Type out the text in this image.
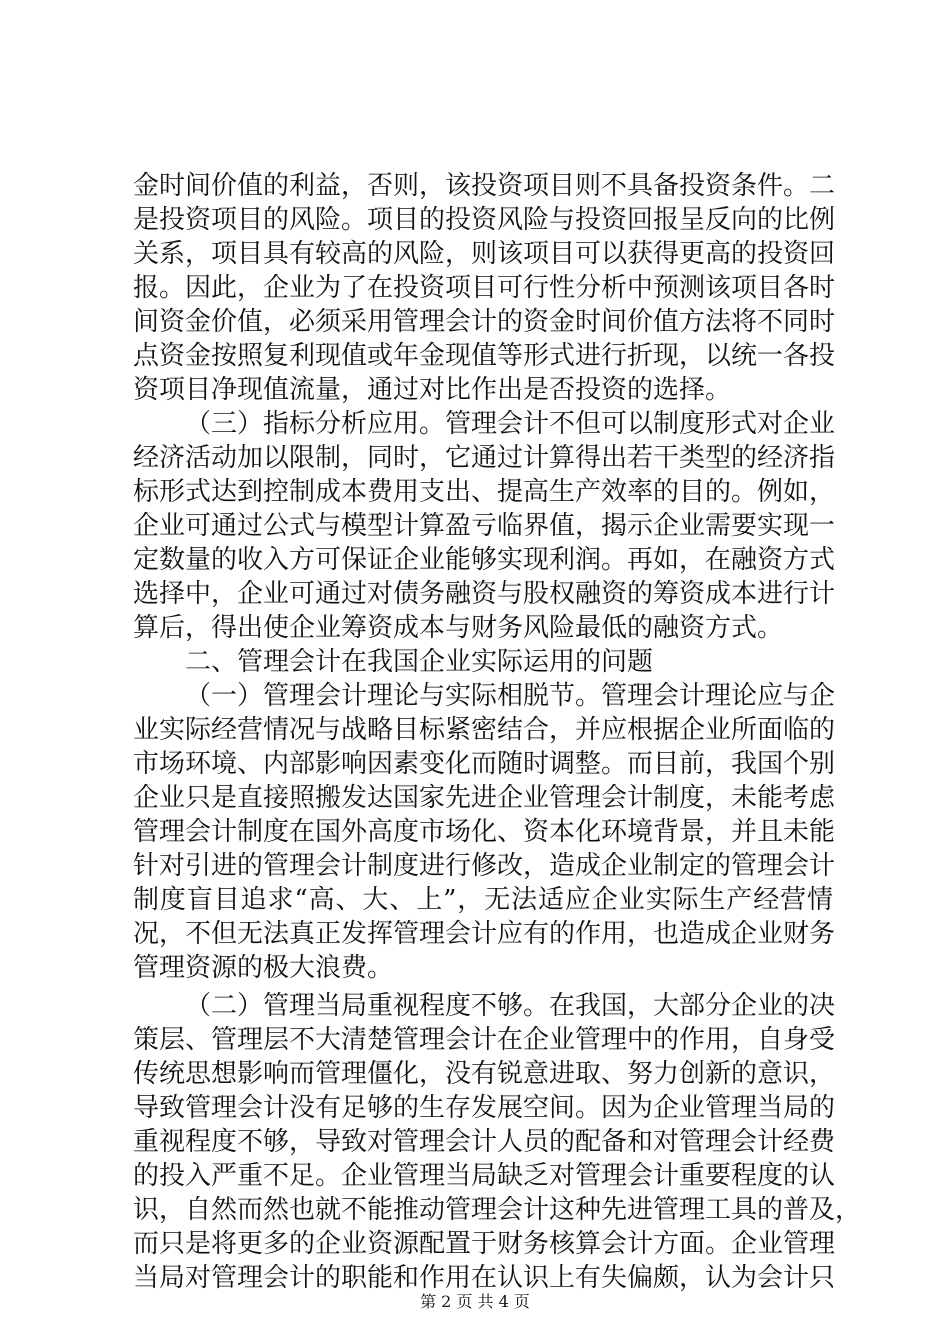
金时间价值的利益，否则，该投资项目则不具备投资条件。二
是投资项目的风险。项目的投资风险与投资回报呈反向的比例
关系，项目具有较高的风险，则该项目可以获得更高的投资回
报。因此，企业为了在投资项目可行性分析中预测该项目各时
间资金价值，必须采用管理会计的资金时间价值方法将不同时
点资金按照复利现值或年金现值等形式进行折现，以统一各投
资项目净现值流量，通过对比作出是否投资的选择。
（三）指标分析应用。管理会计不但可以制度形式对企业
经济活动加以限制，同时，它通过计算得出若干类型的经济指
标形式达到控制成本费用支出、提高生产效率的目的。例如，
企业可通过公式与模型计算盈亏临界值，揭示企业需要实现一
定数量的收入方可保证企业能够实现利润。再如，在融资方式
选择中，企业可通过对债务融资与股权融资的筹资成本进行计
算后，得出使企业筹资成本与财务风险最低的融资方式。
二、管理会计在我国企业实际运用的问题
（一）管理会计理论与实际相脱节。管理会计理论应与企
业实际经营情况与战略目标紧密结合，并应根据企业所面临的
市场环境、内部影响因素变化而随时调整。而目前，我国个别
企业只是直接照搬发达国家先进企业管理会计制度，未能考虑
管理会计制度在国外高度市场化、资本化环境背景，并且未能
针对引进的管理会计制度进行修改，造成企业制定的管理会计
制度盲目追求“高、大、上”，无法适应企业实际生产经营情
况，不但无法真正发挥管理会计应有的作用，也造成企业财务
管理资源的极大浪费。
（二）管理当局重视程度不够。在我国，大部分企业的决
策层、管理层不大清楚管理会计在企业管理中的作用，自身受
传统思想影响而管理僵化，没有锐意进取、努力创新的意识，
导致管理会计没有足够的生存发展空间。因为企业管理当局的
重视程度不够，导致对管理会计人员的配备和对管理会计经费
的投入严重不足。企业管理当局缺乏对管理会计重要程度的认
识，自然而然也就不能推动管理会计这种先进管理工具的普及，
而只是将更多的企业资源配置于财务核算会计方面。企业管理
当局对管理会计的职能和作用在认识上有失偏颇，认为会计只
第 2 页 共 4 页
